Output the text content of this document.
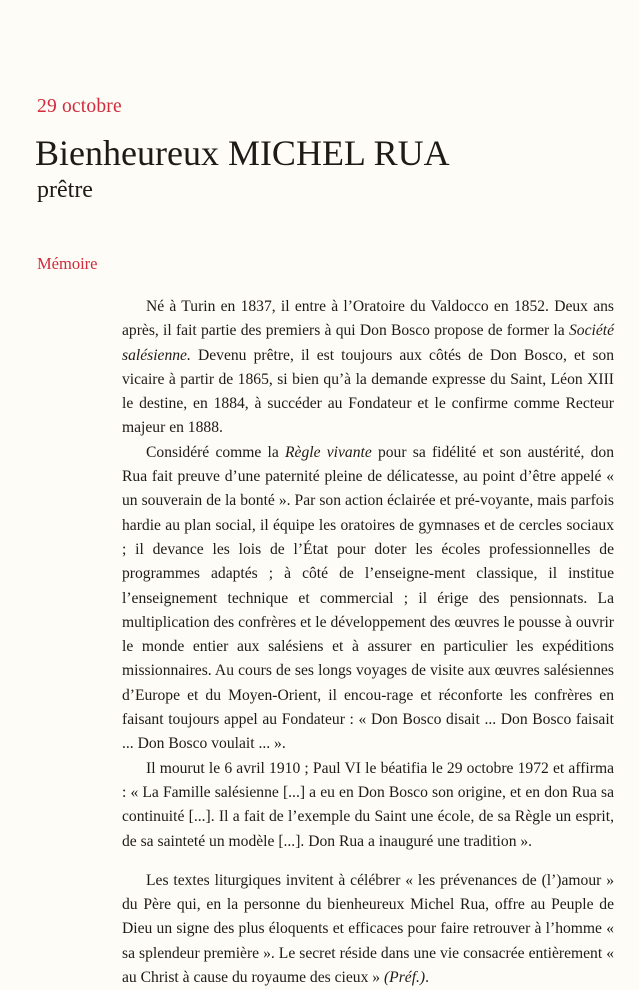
29 octobre
Bienheureux MICHEL RUA
prêtre
Mémoire

Né à Turin en 1837, il entre à l’Oratoire du Valdocco en 1852. Deux ans après, il fait partie des premiers à qui Don Bosco propose de former la Société salésienne. Devenu prêtre, il est toujours aux côtés de Don Bosco, et son vicaire à partir de 1865, si bien qu’à la demande expresse du Saint, Léon XIII le destine, en 1884, à succéder au Fondateur et le confirme comme Recteur majeur en 1888.

Considéré comme la Règle vivante pour sa fidélité et son austérité, don Rua fait preuve d’une paternité pleine de délicatesse, au point d’être appelé « un souverain de la bonté ». Par son action éclairée et pré-voyante, mais parfois hardie au plan social, il équipe les oratoires de gymnases et de cercles sociaux ; il devance les lois de l’État pour doter les écoles professionnelles de programmes adaptés ; à côté de l’enseigne-ment classique, il institue l’enseignement technique et commercial ; il érige des pensionnats. La multiplication des confrères et le développement des œuvres le pousse à ouvrir le monde entier aux salésiens et à assurer en particulier les expéditions missionnaires. Au cours de ses longs voyages de visite aux œuvres salésiennes d’Europe et du Moyen-Orient, il encou-rage et réconforte les confrères en faisant toujours appel au Fondateur : « Don Bosco disait ... Don Bosco faisait ... Don Bosco voulait ... ».

Il mourut le 6 avril 1910 ; Paul VI le béatifia le 29 octobre 1972 et affirma : « La Famille salésienne [...] a eu en Don Bosco son origine, et en don Rua sa continuité [...]. Il a fait de l’exemple du Saint une école, de sa Règle un esprit, de sa sainteté un modèle [...]. Don Rua a inauguré une tradition ».

Les textes liturgiques invitent à célébrer « les prévenances de (l’)amour » du Père qui, en la personne du bienheureux Michel Rua, offre au Peuple de Dieu un signe des plus éloquents et efficaces pour faire retrouver à l’homme « sa splendeur première ». Le secret réside dans une vie consacrée entièrement « au Christ à cause du royaume des cieux » (Préf.).
